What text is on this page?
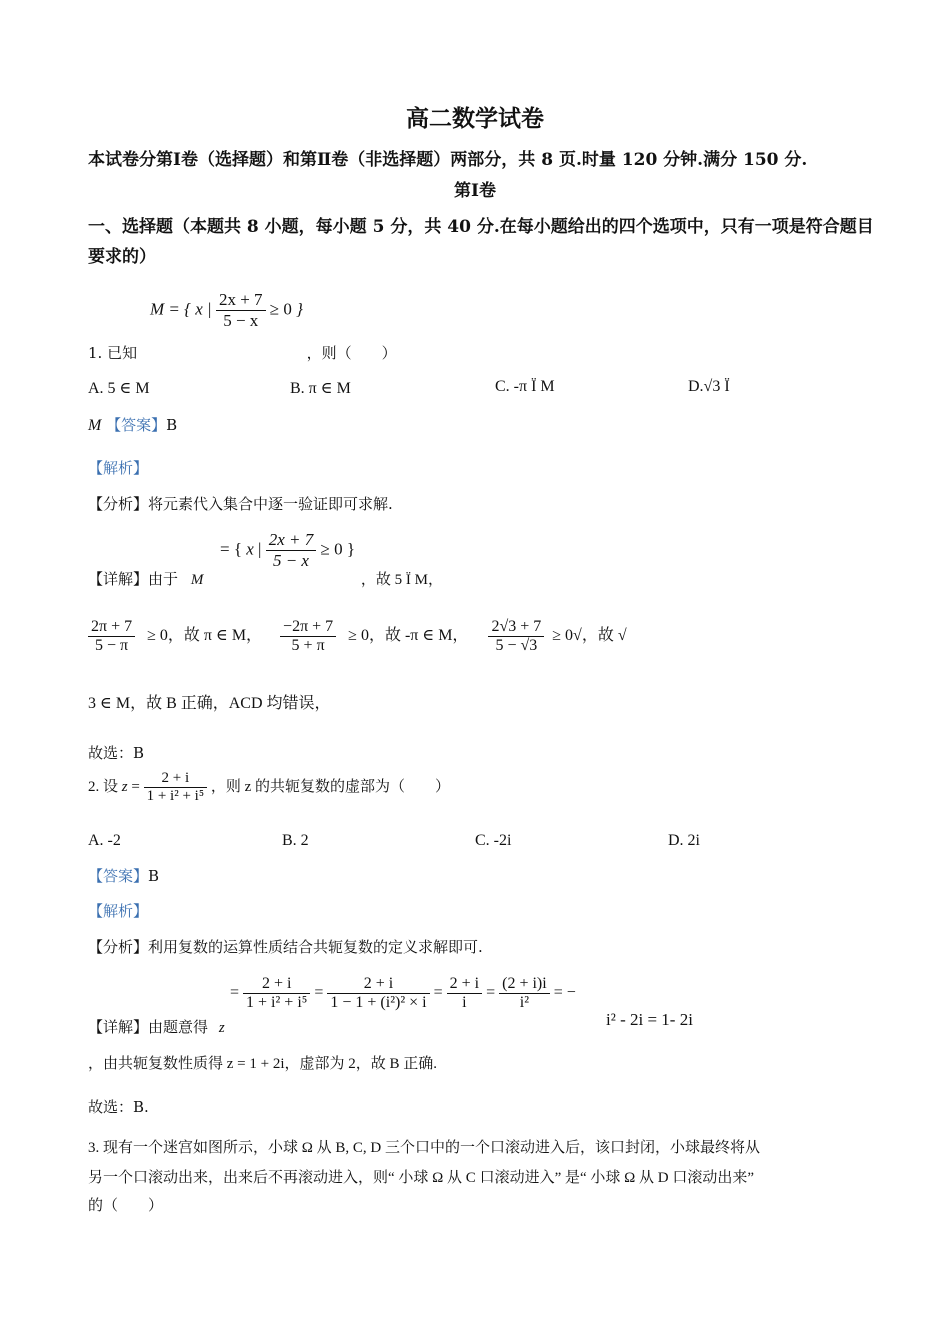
高二数学试卷
本试卷分第Ⅰ卷（选择题）和第Ⅱ卷（非选择题）两部分，共 8 页.时量 120 分钟.满分 150 分.
第Ⅰ卷
一、选择题（本题共 8 小题，每小题 5 分，共 40 分.在每小题给出的四个选项中，只有一项是符合题目要求的）
M = { x | $\frac{2x + 7}{5 - x} \ge 0$ }
1. 已知	，则（　　）
A. 5 ∈ M	B. π ∈ M	C. -π Ï M	D.√3 Ï
M 【答案】B
【解析】
【分析】将元素代入集合中逐一验证即可求解.
= { x | $\frac{2x + 7}{5 - x} \ge 0$ }
【详解】由于 M	，故 5 Ï M，
$\frac{2\pi + 7}{5 - \pi} \ge 0$，故 π ∈ M， $\frac{-2\pi + 7}{5 + \pi} \ge 0$，故 -π ∈ M， $\frac{2√3 + 7}{5 - √3} \ge 0√$，故 √
3 ∈ M，故 B 正确，ACD 均错误，
故选：B
2. 设 $z = \frac{2 + i}{\text{1 + i² + i⁵}}$ ，则 z 的共轭复数的虚部为（　　）
A. -2	B. 2	C. -2i	D. 2i
【答案】B
【解析】
【分析】利用复数的运算性质结合共轭复数的定义求解即可.
= $\frac{2 + i}{\text{1 + i² + i⁵}} = \frac{2 + i}{\text{1 − 1 + (i²)² × i}} = \frac{2 + i}{i} = \frac{(2 + i)i}{\text{i²}}$ = −
【详解】由题意得 z	i² - 2i = 1- 2i
，由共轭复数性质得 z = 1 + 2i，虚部为 2，故 B 正确.
故选：B.
3. 现有一个迷宫如图所示，小球 Ω 从 B, C, D 三个口中的一个口滚动进入后，该口封闭，小球最终将从
另一个口滚动出来，出来后不再滚动进入，则“ 小球 Ω 从 C 口滚动进入” 是“ 小球 Ω 从 D 口滚动出来”
的（　　）
